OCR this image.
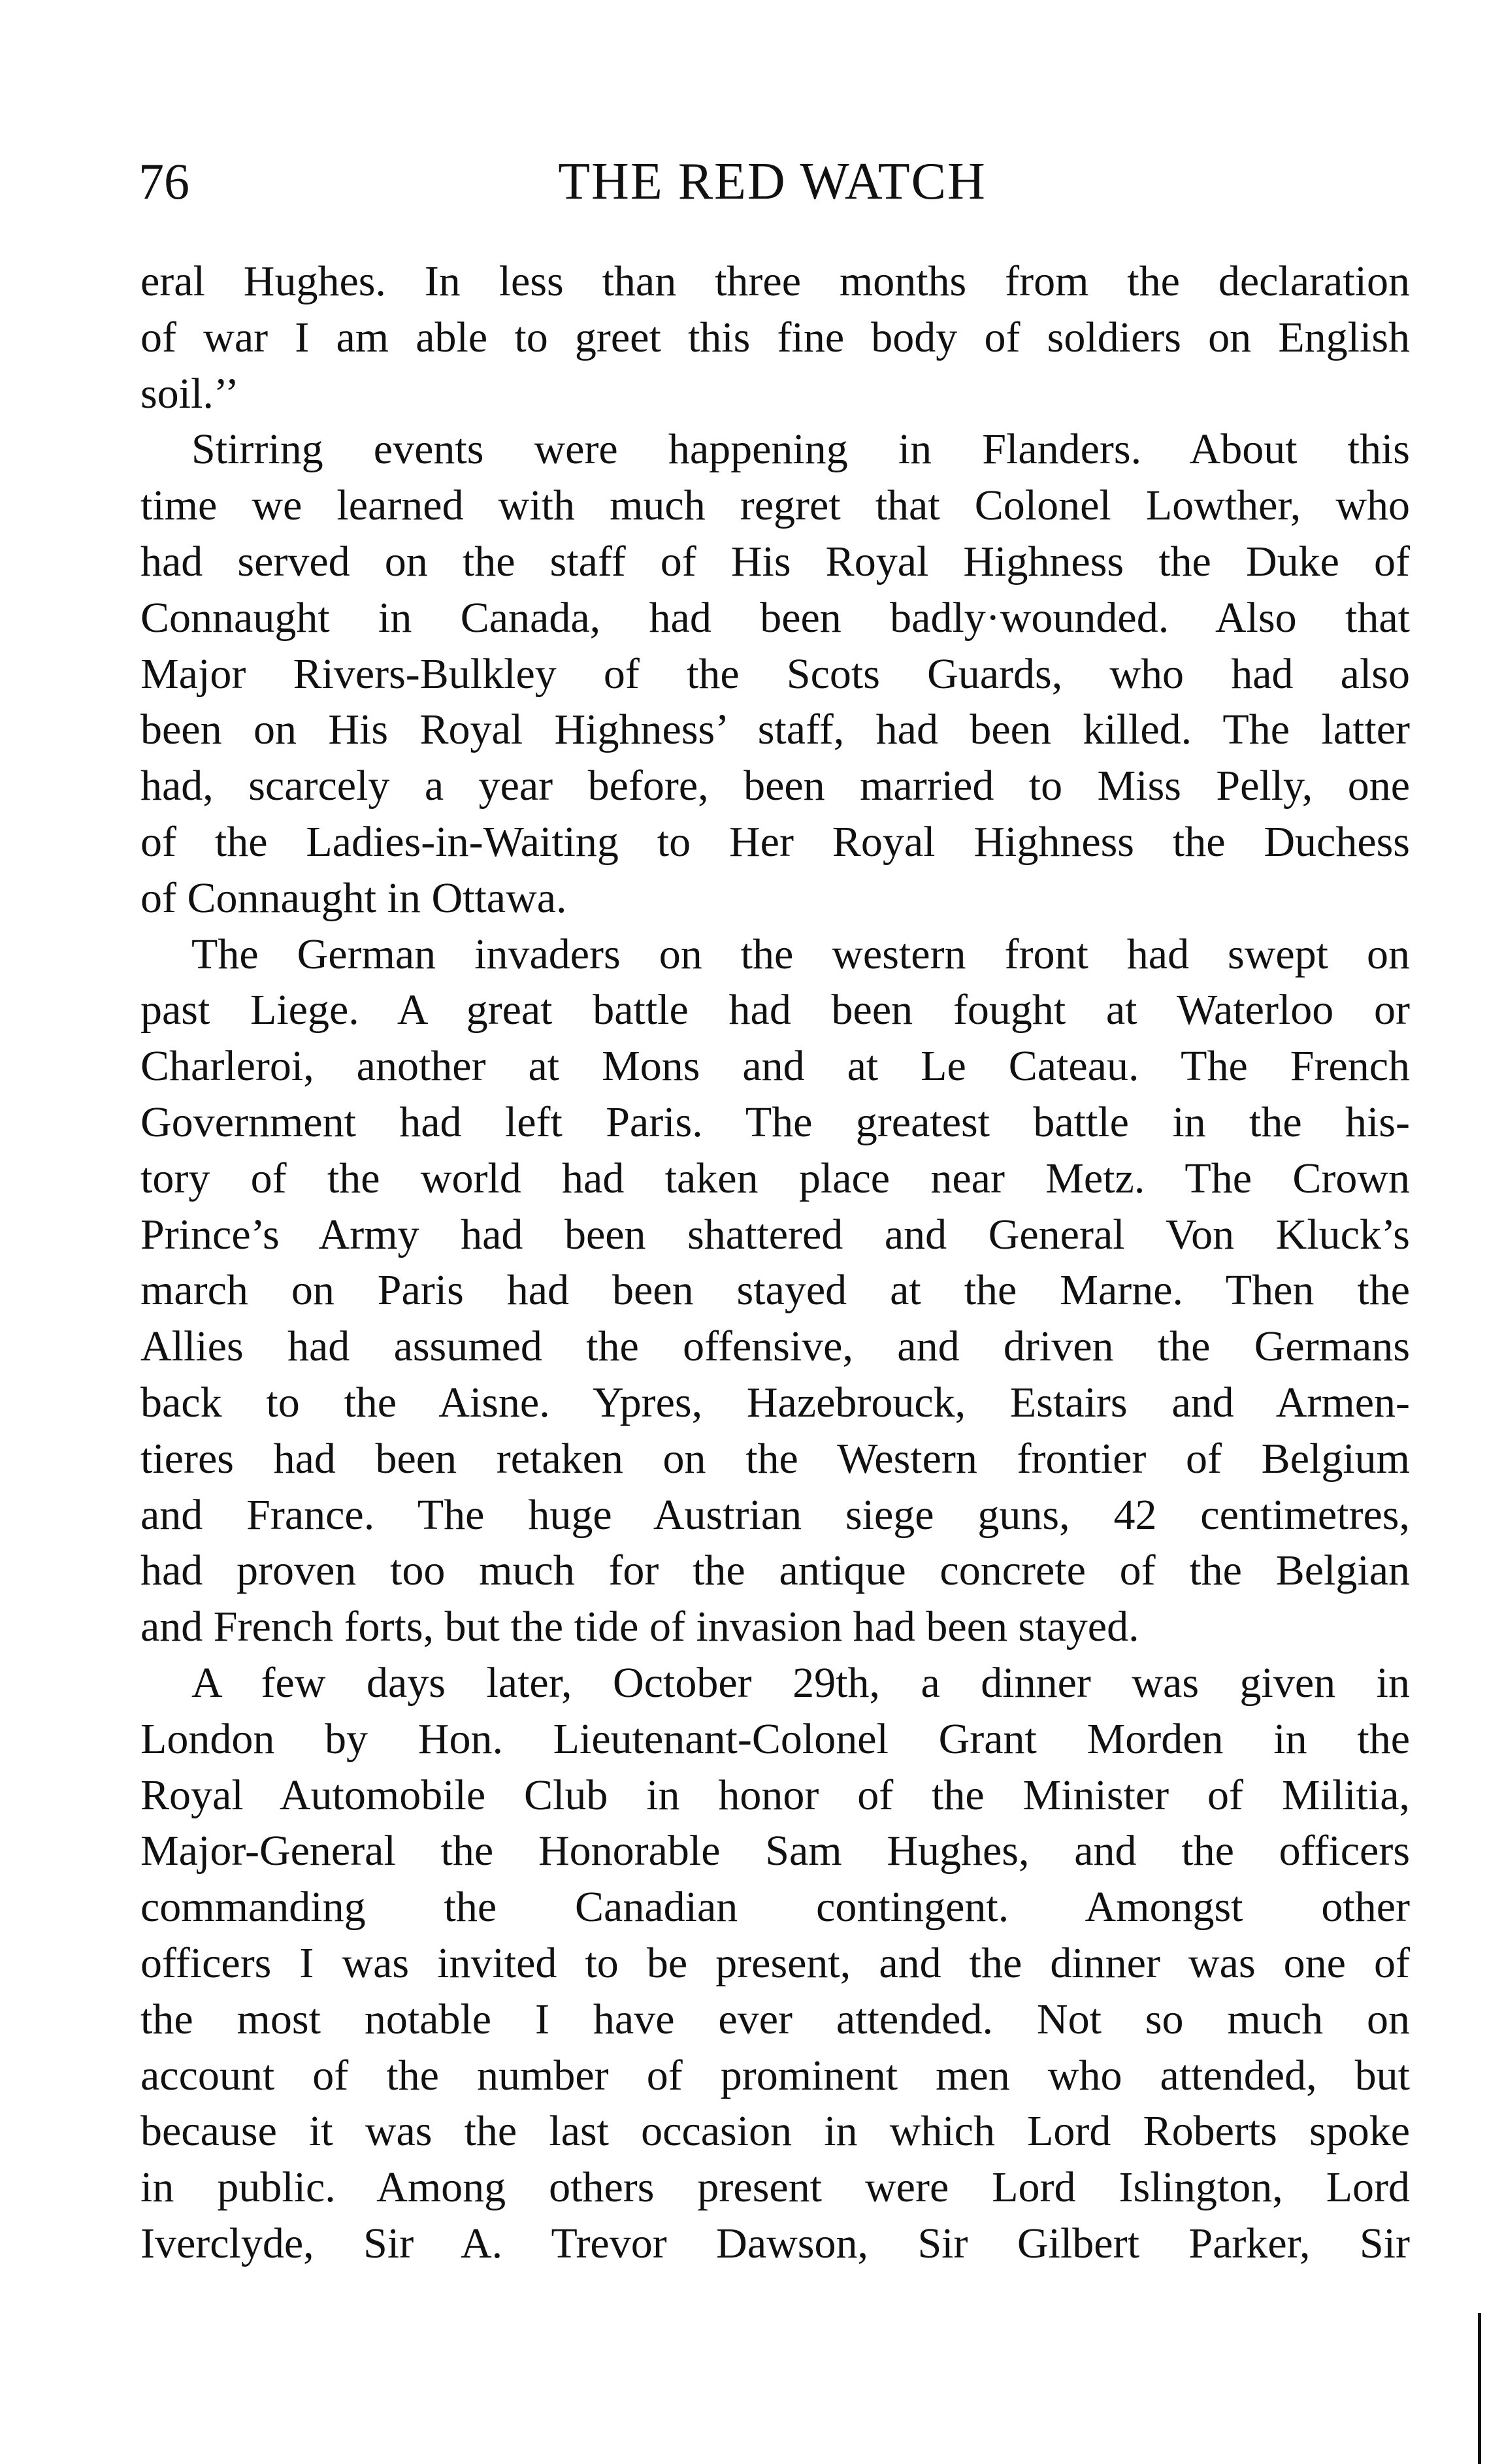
76	THE RED WATCH
eral Hughes. In less than three months from the declaration
of war I am able to greet this fine body of soldiers on English
soil.’’
Stirring events were happening in Flanders. About this
time we learned with much regret that Colonel Lowther, who
had served on the staff of His Royal Highness the Duke of
Connaught in Canada, had been badly·wounded. Also that
Major Rivers-Bulkley of the Scots Guards, who had also
been on His Royal Highness’ staff, had been killed. The latter
had, scarcely a year before, been married to Miss Pelly, one
of the Ladies-in-Waiting to Her Royal Highness the Duchess
of Connaught in Ottawa.
The German invaders on the western front had swept on
past Liege. A great battle had been fought at Waterloo or
Charleroi, another at Mons and at Le Cateau. The French
Government had left Paris. The greatest battle in the his-
tory of the world had taken place near Metz. The Crown
Prince’s Army had been shattered and General Von Kluck’s
march on Paris had been stayed at the Marne. Then the
Allies had assumed the offensive, and driven the Germans
back to the Aisne. Ypres, Hazebrouck, Estairs and Armen-
tieres had been retaken on the Western frontier of Belgium
and France. The huge Austrian siege guns, 42 centimetres,
had proven too much for the antique concrete of the Belgian
and French forts, but the tide of invasion had been stayed.
A few days later, October 29th, a dinner was given in
London by Hon. Lieutenant-Colonel Grant Morden in the
Royal Automobile Club in honor of the Minister of Militia,
Major-General the Honorable Sam Hughes, and the officers
commanding the Canadian contingent. Amongst other
officers I was invited to be present, and the dinner was one of
the most notable I have ever attended. Not so much on
account of the number of prominent men who attended, but
because it was the last occasion in which Lord Roberts spoke
in public. Among others present were Lord Islington, Lord
Iverclyde, Sir A. Trevor Dawson, Sir Gilbert Parker, Sir
